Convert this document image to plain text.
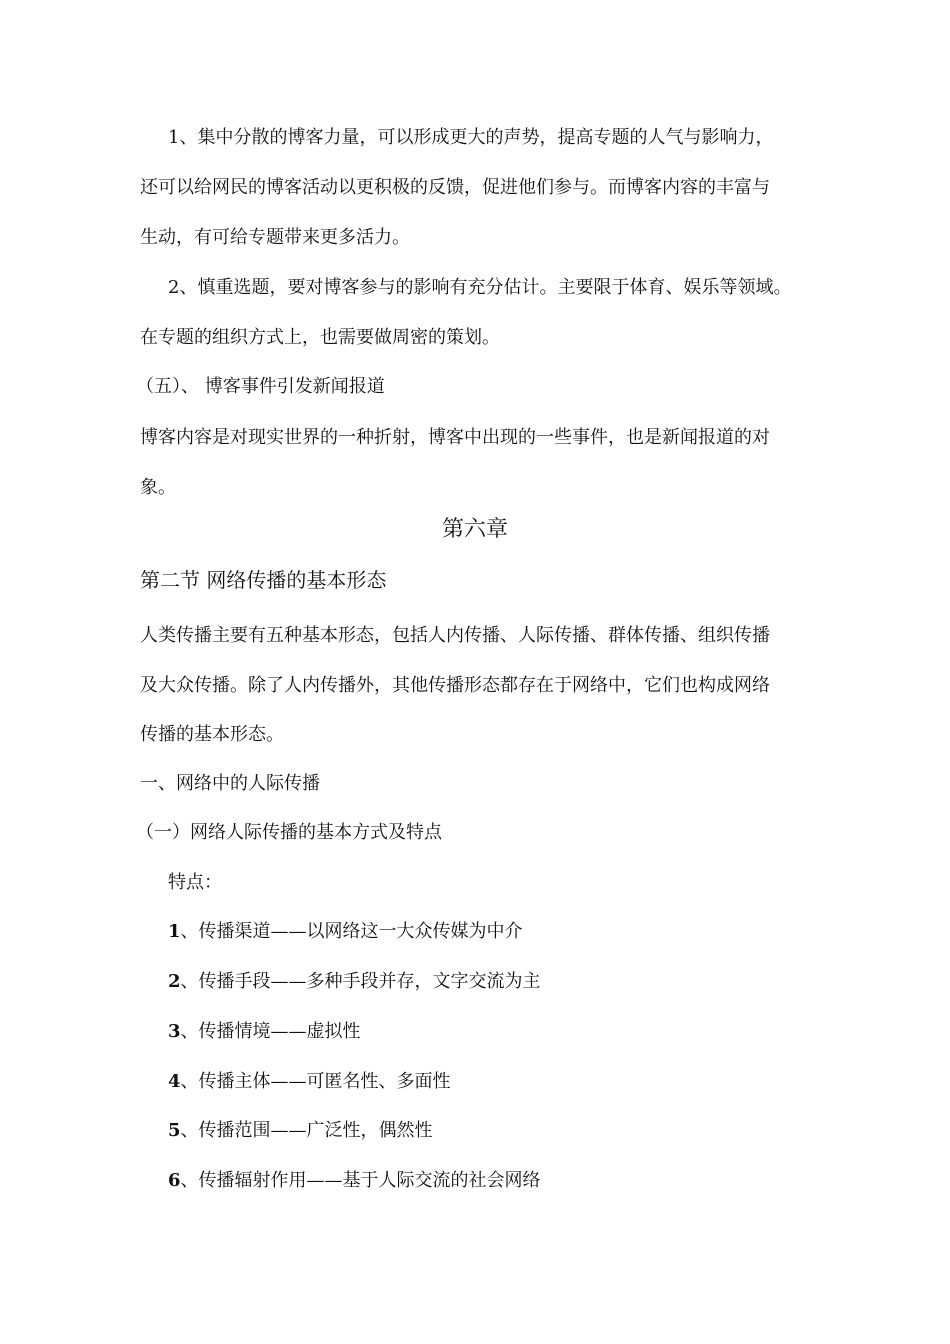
1、集中分散的博客力量，可以形成更大的声势，提高专题的人气与影响力，
还可以给网民的博客活动以更积极的反馈，促进他们参与。而博客内容的丰富与
生动，有可给专题带来更多活力。
2、慎重选题，要对博客参与的影响有充分估计。主要限于体育、娱乐等领域。
在专题的组织方式上，也需要做周密的策划。
（五）、 博客事件引发新闻报道
博客内容是对现实世界的一种折射，博客中出现的一些事件，也是新闻报道的对
象。
第六章
第二节 网络传播的基本形态
人类传播主要有五种基本形态，包括人内传播、人际传播、群体传播、组织传播
及大众传播。除了人内传播外，其他传播形态都存在于网络中，它们也构成网络
传播的基本形态。
一、网络中的人际传播
（一）网络人际传播的基本方式及特点
特点：
1、传播渠道——以网络这一大众传媒为中介
2、传播手段——多种手段并存，文字交流为主
3、传播情境——虚拟性
4、传播主体——可匿名性、多面性
5、传播范围——广泛性，偶然性
6、传播辐射作用——基于人际交流的社会网络
